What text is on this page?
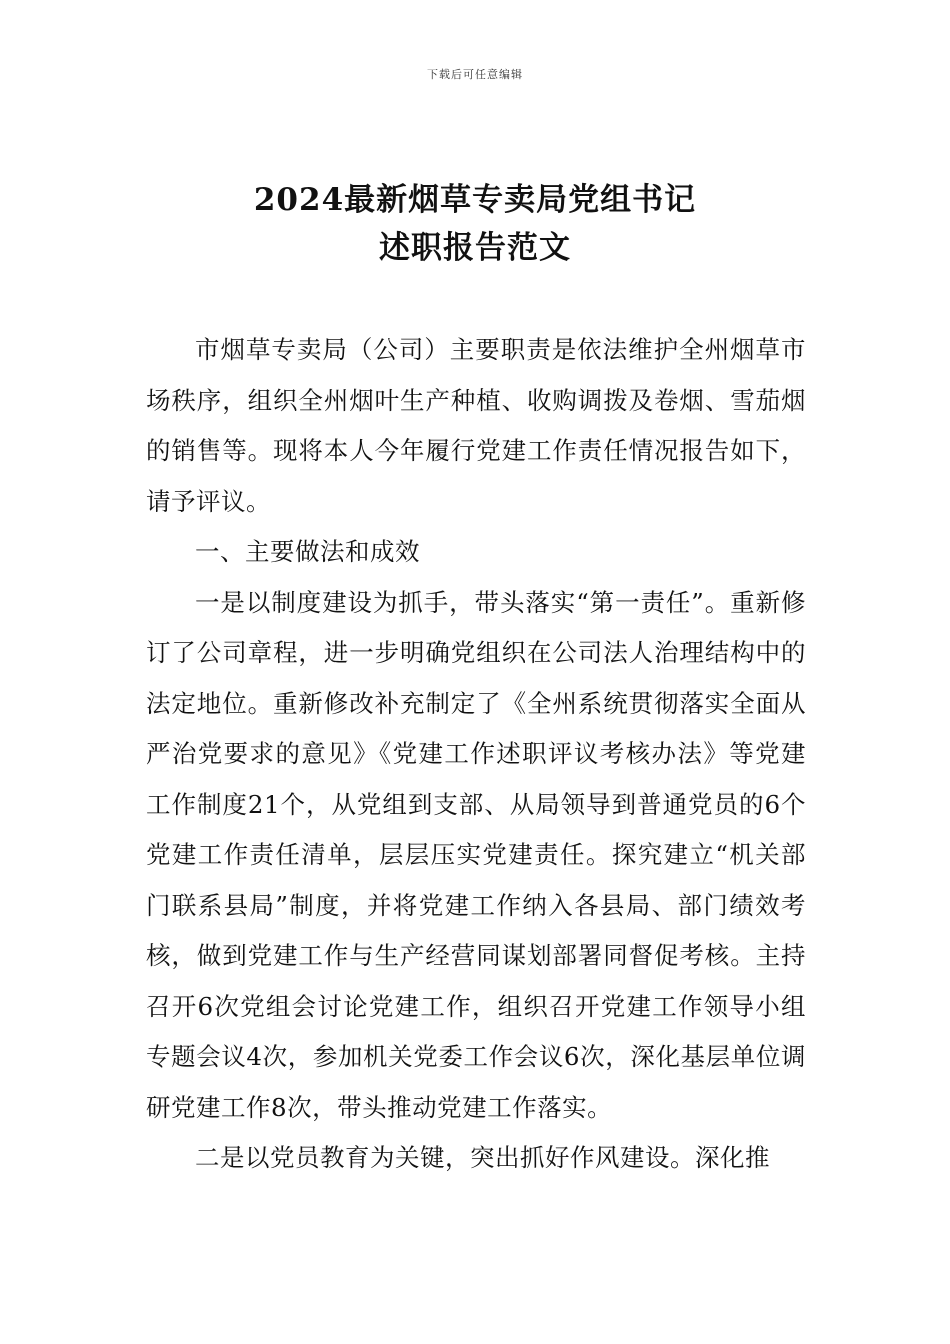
下载后可任意编辑
2024最新烟草专卖局党组书记
述职报告范文

市烟草专卖局（公司）主要职责是依法维护全州烟草市场秩序，组织全州烟叶生产种植、收购调拨及卷烟、雪茄烟的销售等。现将本人今年履行党建工作责任情况报告如下，请予评议。

一、主要做法和成效

一是以制度建设为抓手，带头落实“第一责任”。重新修订了公司章程，进一步明确党组织在公司法人治理结构中的法定地位。重新修改补充制定了《全州系统贯彻落实全面从严治党要求的意见》《党建工作述职评议考核办法》等党建工作制度21个，从党组到支部、从局领导到普通党员的6个党建工作责任清单，层层压实党建责任。探究建立“机关部门联系县局”制度，并将党建工作纳入各县局、部门绩效考核，做到党建工作与生产经营同谋划部署同督促考核。主持召开6次党组会讨论党建工作，组织召开党建工作领导小组专题会议4次，参加机关党委工作会议6次，深化基层单位调研党建工作8次，带头推动党建工作落实。

二是以党员教育为关键，突出抓好作风建设。深化推
